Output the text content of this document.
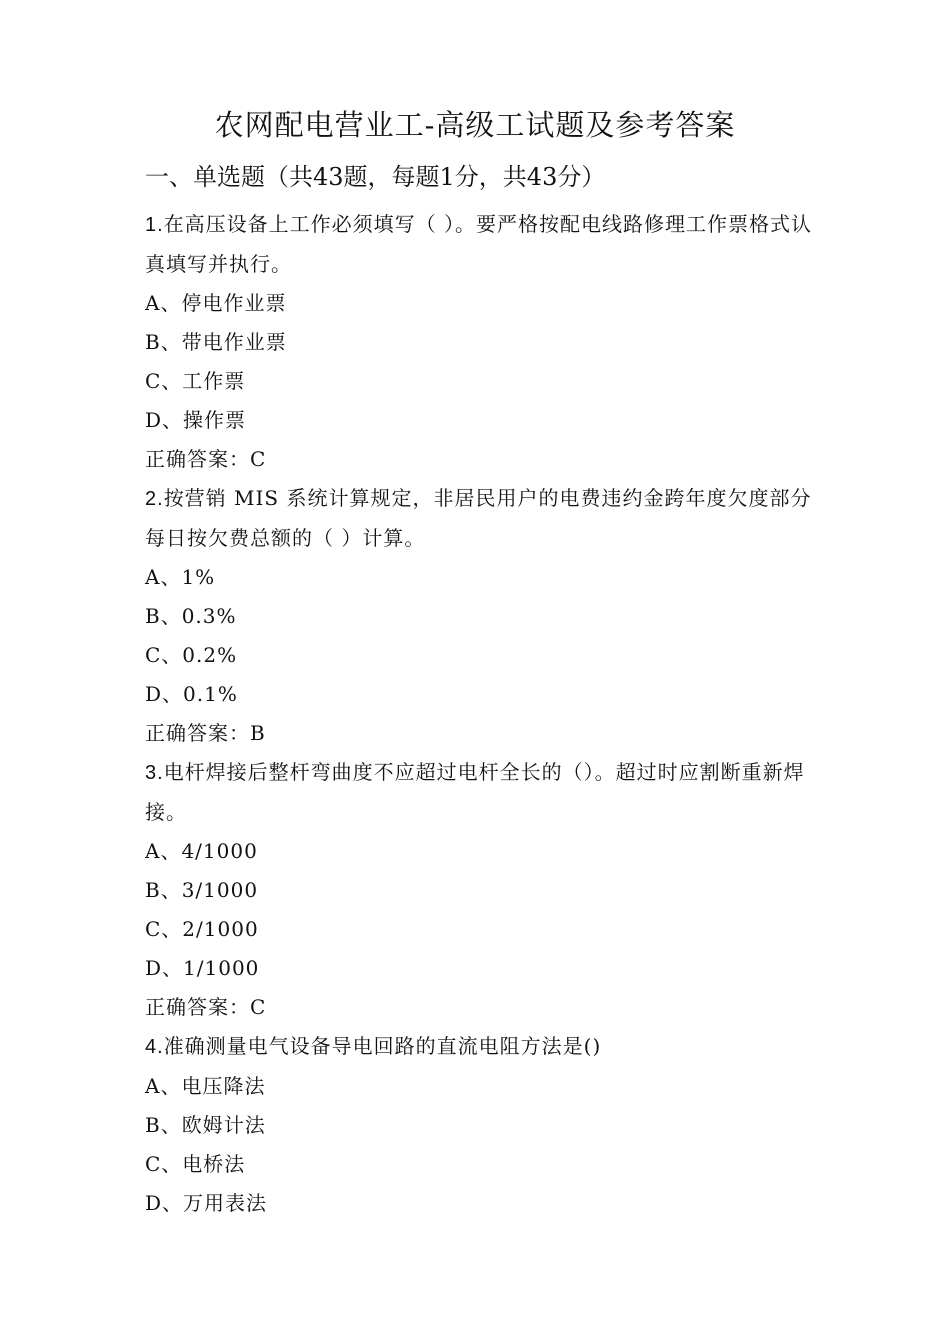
农网配电营业工-高级工试题及参考答案
一、单选题（共43题，每题1分，共43分）
1.在高压设备上工作必须填写（ ）。要严格按配电线路修理工作票格式认真填写并执行。
A、停电作业票
B、带电作业票
C、工作票
D、操作票
正确答案：C
2.按营销 MIS 系统计算规定，非居民用户的电费违约金跨年度欠度部分每日按欠费总额的（ ）计算。
A、1%
B、0.3%
C、0.2%
D、0.1%
正确答案：B
3.电杆焊接后整杆弯曲度不应超过电杆全长的（）。超过时应割断重新焊接。
A、4/1000
B、3/1000
C、2/1000
D、1/1000
正确答案：C
4.准确测量电气设备导电回路的直流电阻方法是()
A、电压降法
B、欧姆计法
C、电桥法
D、万用表法
